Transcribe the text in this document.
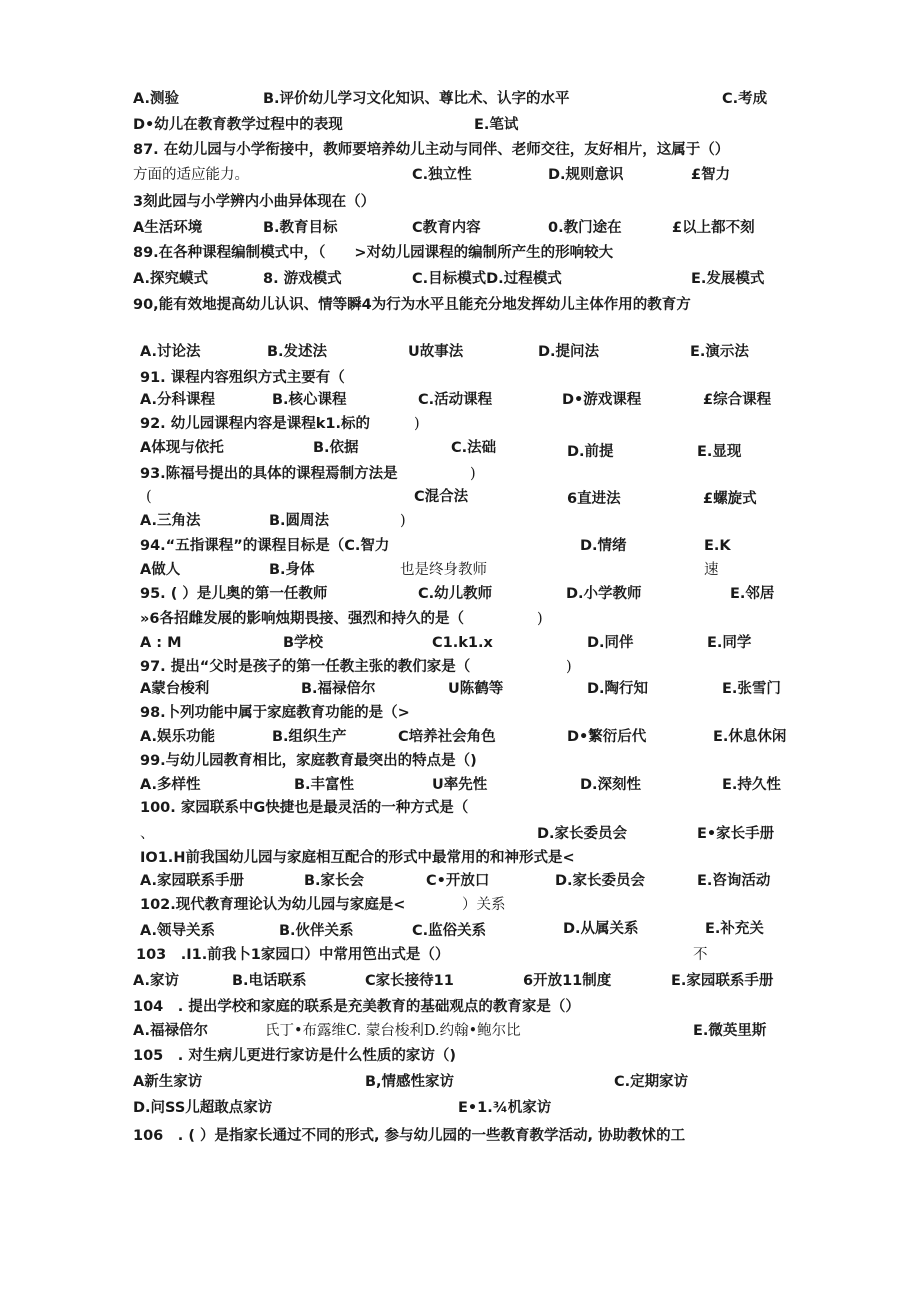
A.测验	B.评价幼儿学习文化知识、尊比术、认字的水平	C.考成
D•幼儿在教育教学过程中的表现	E.笔试
87. 在幼儿园与小学衔接中，教师要培养幼儿主动与同伴、老师交往，友好相片，这属于（）
方面的适应能力。	C.独立性	D.规则意识	£智力
3刻此园与小学辨内小曲异体现在（）
A生活环境	B.教育目标	C教育内容	0.教门途在	£以上都不刻
89.在各种课程编制模式中，（　　>对幼儿园课程的编制所产生的形响较大
A.探究蟆式	8. 游戏模式	C.目标模式D.过程模式	E.发展模式
90,能有效地提高幼儿认识、情等瞬4为行为水平且能充分地发挥幼儿主体作用的教育方
A.讨论法	B.发述法	U故事法	D.提问法	E.演示法
91. 课程内容殂织方式主要有（
A.分科课程	B.核心课程	C.活动课程	D•游戏课程	£综合课程
92. 幼儿园课程内容是课程k1.标的	)
A体现与依托	B.依据	C.法础	D.前提	E.显现
93.陈福号提出的具体的课程焉制方法是	)
(	C混合法	6直进法	£螺旋式
A.三角法	B.圆周法	)
94.“五指课程”的课程目标是（C.智力	D.情绪	E.K
A做人	B.身体	也是终身教师	速
95. ( ）是儿奥的第一任教师	C.幼儿教师	D.小学教师	E.邻居
»6各招雌发展的影响烛期畏接、强烈和持久的是（	)
A : M	B学校	C1.k1.x	D.同伴	E.同学
97. 提出“父时是孩子的第一任教主张的教们家是（	)
A蒙台梭利	B.福禄倍尔	U陈鹤等	D.陶行知	E.张雪门
98.卜列功能中属于家庭教育功能的是（>
A.娱乐功能	B.组织生产	C培养社会角色	D•繁衍后代	E.休息休闲
99.与幼儿园教育相比，家庭教育最突出的特点是（)
A.多样性	B.丰富性	U率先性	D.深刻性	E.持久性
100. 家园联系中G快捷也是最灵活的一种方式是（
、	D.家长委员会	E•家长手册
IO1.H前我国幼儿园与家庭相互配合的形式中最常用的和神形式是<
A.家园联系手册	B.家长会	C•开放口	D.家长委员会	E.咨询活动
102.现代教育理论认为幼儿园与家庭是<	）关系
A.领导关系	B.伙伴关系	C.监俗关系	D.从属关系	E.补充关
103　.I1.前我卜1家园口）中常用笆出式是（）	不
A.家访	B.电话联系	C家长接待11	6开放11制度	E.家园联系手册
104　. 提出学校和家庭的联系是充美教育的基础观点的教育家是（）
A.福禄倍尔	氏丁•布露维C. 蒙台梭利D.约翰•鲍尔比	E.微英里斯
105　. 对生病儿更进行家访是什么性质的家访（)
A新生家访	B,情感性家访	C.定期家访
D.问SS儿超敢点家访	E•1.¾机家访
106　. ( ）是指家长通过不同的形式, 参与幼儿园的一些教育教学活动, 协助教怵的工
